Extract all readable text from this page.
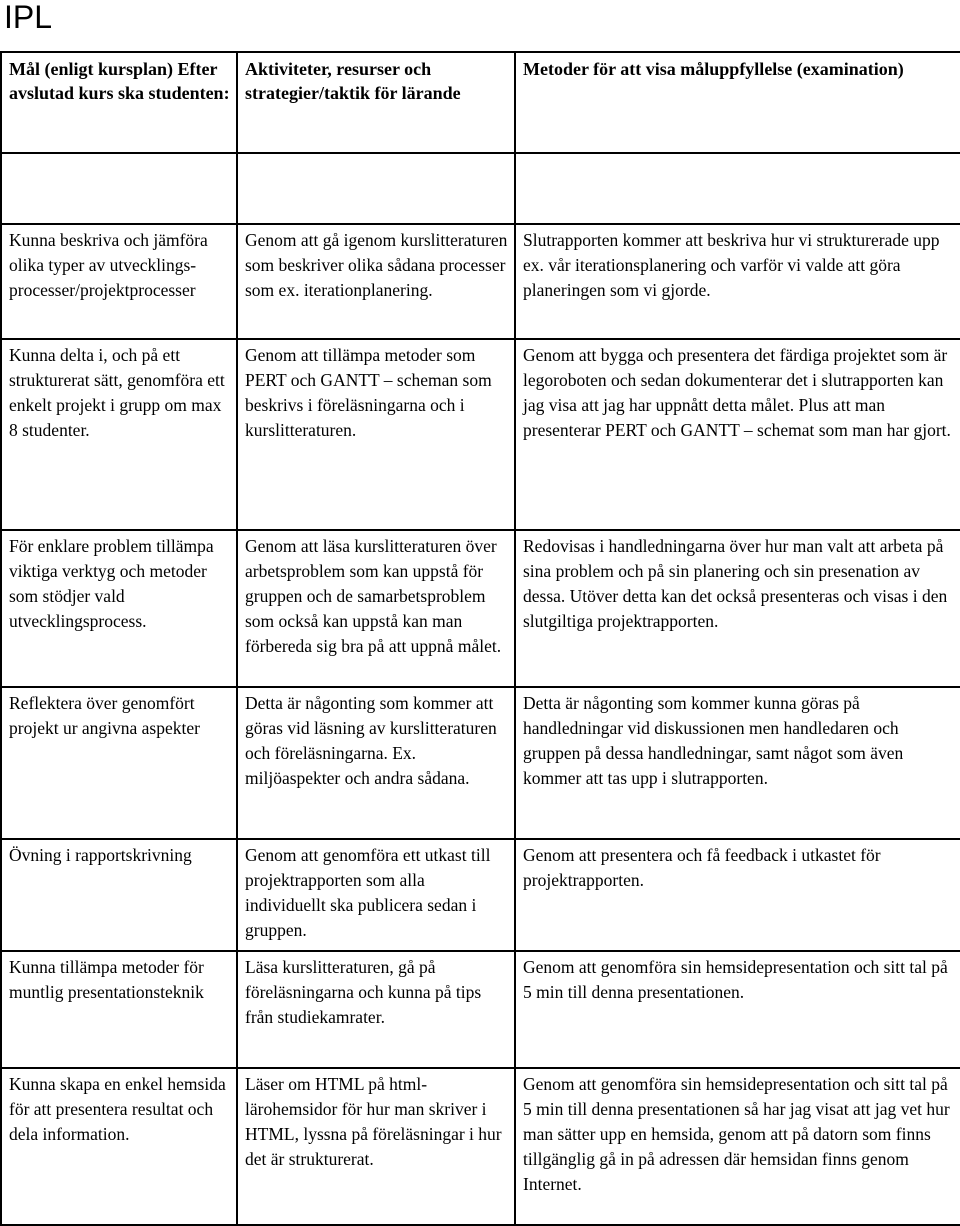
IPL
Mål (enligt kursplan) Efter avslutad kurs ska studenten:	Aktiviteter, resurser och strategier/taktik för lärande	Metoder för att visa måluppfyllelse (examination)

Kunna beskriva och jämföra olika typer av utvecklings-processer/projektprocesser	Genom att gå igenom kurslitteraturen som beskriver olika sådana processer som ex. iterationplanering.	Slutrapporten kommer att beskriva hur vi strukturerade upp ex. vår iterationsplanering och varför vi valde att göra planeringen som vi gjorde.
Kunna delta i, och på ett strukturerat sätt, genomföra ett enkelt projekt i grupp om max 8 studenter.	Genom att tillämpa metoder som PERT och GANTT – scheman som beskrivs i föreläsningarna och i kurslitteraturen.	Genom att bygga och presentera det färdiga projektet som är legoroboten och sedan dokumenterar det i slutrapporten kan jag visa att jag har uppnått detta målet. Plus att man presenterar PERT och GANTT – schemat som man har gjort.
För enklare problem tillämpa viktiga verktyg och metoder som stödjer vald utvecklingsprocess.	Genom att läsa kurslitteraturen över arbetsproblem som kan uppstå för gruppen och de samarbetsproblem som också kan uppstå kan man förbereda sig bra på att uppnå målet.	Redovisas i handledningarna över hur man valt att arbeta på sina problem och på sin planering och sin presenation av dessa. Utöver detta kan det också presenteras och visas i den slutgiltiga projektrapporten.
Reflektera över genomfört projekt ur angivna aspekter	Detta är någonting som kommer att göras vid läsning av kurslitteraturen och föreläsningarna. Ex. miljöaspekter och andra sådana.	Detta är någonting som kommer kunna göras på handledningar vid diskussionen men handledaren och gruppen på dessa handledningar, samt något som även kommer att tas upp i slutrapporten.
Övning i rapportskrivning	Genom att genomföra ett utkast till projektrapporten som alla individuellt ska publicera sedan i gruppen.	Genom att presentera och få feedback i utkastet för projektrapporten.
Kunna tillämpa metoder för muntlig presentationsteknik	Läsa kurslitteraturen, gå på föreläsningarna och kunna på tips från studiekamrater.	Genom att genomföra sin hemsidepresentation och sitt tal på 5 min till denna presentationen.
Kunna skapa en enkel hemsida för att presentera resultat och dela information.	Läser om HTML på html-lärohemsidor för hur man skriver i HTML, lyssna på föreläsningar i hur det är strukturerat.	Genom att genomföra sin hemsidepresentation och sitt tal på 5 min till denna presentationen så har jag visat att jag vet hur man sätter upp en hemsida, genom att på datorn som finns tillgänglig gå in på adressen där hemsidan finns genom Internet.
